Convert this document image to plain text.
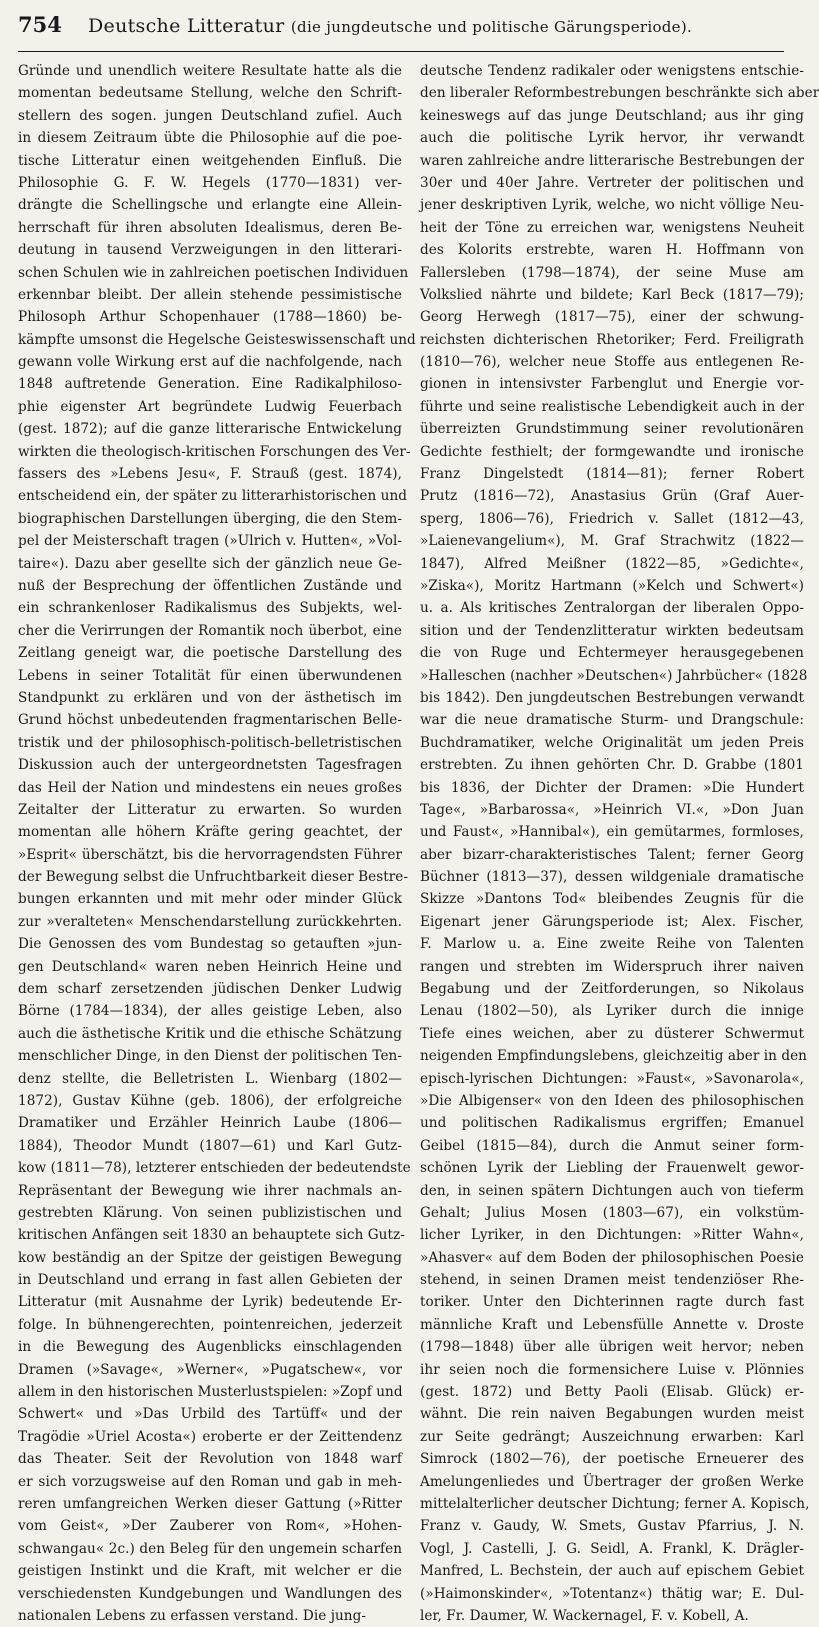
754	Deutsche Litteratur (die jungdeutsche und politische Gärungsperiode).
Gründe und unendlich weitere Resultate hatte als die
momentan bedeutsame Stellung, welche den Schrift-
stellern des sogen. jungen Deutschland zufiel. Auch
in diesem Zeitraum übte die Philosophie auf die poe-
tische Litteratur einen weitgehenden Einfluß. Die
Philosophie G. F. W. Hegels (1770—1831) ver-
drängte die Schellingsche und erlangte eine Allein-
herrschaft für ihren absoluten Idealismus, deren Be-
deutung in tausend Verzweigungen in den litterari-
schen Schulen wie in zahlreichen poetischen Individuen
erkennbar bleibt. Der allein stehende pessimistische
Philosoph Arthur Schopenhauer (1788—1860) be-
kämpfte umsonst die Hegelsche Geisteswissenschaft und
gewann volle Wirkung erst auf die nachfolgende, nach
1848 auftretende Generation. Eine Radikalphiloso-
phie eigenster Art begründete Ludwig Feuerbach
(gest. 1872); auf die ganze litterarische Entwickelung
wirkten die theologisch-kritischen Forschungen des Ver-
fassers des »Lebens Jesu«, F. Strauß (gest. 1874),
entscheidend ein, der später zu litterarhistorischen und
biographischen Darstellungen überging, die den Stem-
pel der Meisterschaft tragen (»Ulrich v. Hutten«, »Vol-
taire«). Dazu aber gesellte sich der gänzlich neue Ge-
nuß der Besprechung der öffentlichen Zustände und
ein schrankenloser Radikalismus des Subjekts, wel-
cher die Verirrungen der Romantik noch überbot, eine
Zeitlang geneigt war, die poetische Darstellung des
Lebens in seiner Totalität für einen überwundenen
Standpunkt zu erklären und von der ästhetisch im
Grund höchst unbedeutenden fragmentarischen Belle-
tristik und der philosophisch-politisch-belletristischen
Diskussion auch der untergeordnetsten Tagesfragen
das Heil der Nation und mindestens ein neues großes
Zeitalter der Litteratur zu erwarten. So wurden
momentan alle höhern Kräfte gering geachtet, der
»Esprit« überschätzt, bis die hervorragendsten Führer
der Bewegung selbst die Unfruchtbarkeit dieser Bestre-
bungen erkannten und mit mehr oder minder Glück
zur »veralteten« Menschendarstellung zurückkehrten.
Die Genossen des vom Bundestag so getauften »jun-
gen Deutschland« waren neben Heinrich Heine und
dem scharf zersetzenden jüdischen Denker Ludwig
Börne (1784—1834), der alles geistige Leben, also
auch die ästhetische Kritik und die ethische Schätzung
menschlicher Dinge, in den Dienst der politischen Ten-
denz stellte, die Belletristen L. Wienbarg (1802—
1872), Gustav Kühne (geb. 1806), der erfolgreiche
Dramatiker und Erzähler Heinrich Laube (1806—
1884), Theodor Mundt (1807—61) und Karl Gutz-
kow (1811—78), letzterer entschieden der bedeutendste
Repräsentant der Bewegung wie ihrer nachmals an-
gestrebten Klärung. Von seinen publizistischen und
kritischen Anfängen seit 1830 an behauptete sich Gutz-
kow beständig an der Spitze der geistigen Bewegung
in Deutschland und errang in fast allen Gebieten der
Litteratur (mit Ausnahme der Lyrik) bedeutende Er-
folge. In bühnengerechten, pointenreichen, jederzeit
in die Bewegung des Augenblicks einschlagenden
Dramen (»Savage«, »Werner«, »Pugatschew«, vor
allem in den historischen Musterlustspielen: »Zopf und
Schwert« und »Das Urbild des Tartüff« und der
Tragödie »Uriel Acosta«) eroberte er der Zeittendenz
das Theater. Seit der Revolution von 1848 warf
er sich vorzugsweise auf den Roman und gab in meh-
reren umfangreichen Werken dieser Gattung (»Ritter
vom Geist«, »Der Zauberer von Rom«, »Hohen-
schwangau« 2c.) den Beleg für den ungemein scharfen
geistigen Instinkt und die Kraft, mit welcher er die
verschiedensten Kundgebungen und Wandlungen des
nationalen Lebens zu erfassen verstand. Die jung-
deutsche Tendenz radikaler oder wenigstens entschie-
den liberaler Reformbestrebungen beschränkte sich aber
keineswegs auf das junge Deutschland; aus ihr ging
auch die politische Lyrik hervor, ihr verwandt
waren zahlreiche andre litterarische Bestrebungen der
30er und 40er Jahre. Vertreter der politischen und
jener deskriptiven Lyrik, welche, wo nicht völlige Neu-
heit der Töne zu erreichen war, wenigstens Neuheit
des Kolorits erstrebte, waren H. Hoffmann von
Fallersleben (1798—1874), der seine Muse am
Volkslied nährte und bildete; Karl Beck (1817—79);
Georg Herwegh (1817—75), einer der schwung-
reichsten dichterischen Rhetoriker; Ferd. Freiligrath
(1810—76), welcher neue Stoffe aus entlegenen Re-
gionen in intensivster Farbenglut und Energie vor-
führte und seine realistische Lebendigkeit auch in der
überreizten Grundstimmung seiner revolutionären
Gedichte festhielt; der formgewandte und ironische
Franz Dingelstedt (1814—81); ferner Robert
Prutz (1816—72), Anastasius Grün (Graf Auer-
sperg, 1806—76), Friedrich v. Sallet (1812—43,
»Laienevangelium«), M. Graf Strachwitz (1822—
1847), Alfred Meißner (1822—85, »Gedichte«,
»Ziska«), Moritz Hartmann (»Kelch und Schwert«)
u. a. Als kritisches Zentralorgan der liberalen Oppo-
sition und der Tendenzlitteratur wirkten bedeutsam
die von Ruge und Echtermeyer herausgegebenen
»Halleschen (nachher »Deutschen«) Jahrbücher« (1828
bis 1842). Den jungdeutschen Bestrebungen verwandt
war die neue dramatische Sturm- und Drangschule:
Buchdramatiker, welche Originalität um jeden Preis
erstrebten. Zu ihnen gehörten Chr. D. Grabbe (1801
bis 1836, der Dichter der Dramen: »Die Hundert
Tage«, »Barbarossa«, »Heinrich VI.«, »Don Juan
und Faust«, »Hannibal«), ein gemütarmes, formloses,
aber bizarr-charakteristisches Talent; ferner Georg
Büchner (1813—37), dessen wildgeniale dramatische
Skizze »Dantons Tod« bleibendes Zeugnis für die
Eigenart jener Gärungsperiode ist; Alex. Fischer,
F. Marlow u. a. Eine zweite Reihe von Talenten
rangen und strebten im Widerspruch ihrer naiven
Begabung und der Zeitforderungen, so Nikolaus
Lenau (1802—50), als Lyriker durch die innige
Tiefe eines weichen, aber zu düsterer Schwermut
neigenden Empfindungslebens, gleichzeitig aber in den
episch-lyrischen Dichtungen: »Faust«, »Savonarola«,
»Die Albigenser« von den Ideen des philosophischen
und politischen Radikalismus ergriffen; Emanuel
Geibel (1815—84), durch die Anmut seiner form-
schönen Lyrik der Liebling der Frauenwelt gewor-
den, in seinen spätern Dichtungen auch von tieferm
Gehalt; Julius Mosen (1803—67), ein volkstüm-
licher Lyriker, in den Dichtungen: »Ritter Wahn«,
»Ahasver« auf dem Boden der philosophischen Poesie
stehend, in seinen Dramen meist tendenziöser Rhe-
toriker. Unter den Dichterinnen ragte durch fast
männliche Kraft und Lebensfülle Annette v. Droste
(1798—1848) über alle übrigen weit hervor; neben
ihr seien noch die formensichere Luise v. Plönnies
(gest. 1872) und Betty Paoli (Elisab. Glück) er-
wähnt. Die rein naiven Begabungen wurden meist
zur Seite gedrängt; Auszeichnung erwarben: Karl
Simrock (1802—76), der poetische Erneuerer des
Amelungenliedes und Übertrager der großen Werke
mittelalterlicher deutscher Dichtung; ferner A. Kopisch,
Franz v. Gaudy, W. Smets, Gustav Pfarrius, J. N.
Vogl, J. Castelli, J. G. Seidl, A. Frankl, K. Drägler-
Manfred, L. Bechstein, der auch auf epischem Gebiet
(»Haimonskinder«, »Totentanz«) thätig war; E. Dul-
ler, Fr. Daumer, W. Wackernagel, F. v. Kobell, A.
